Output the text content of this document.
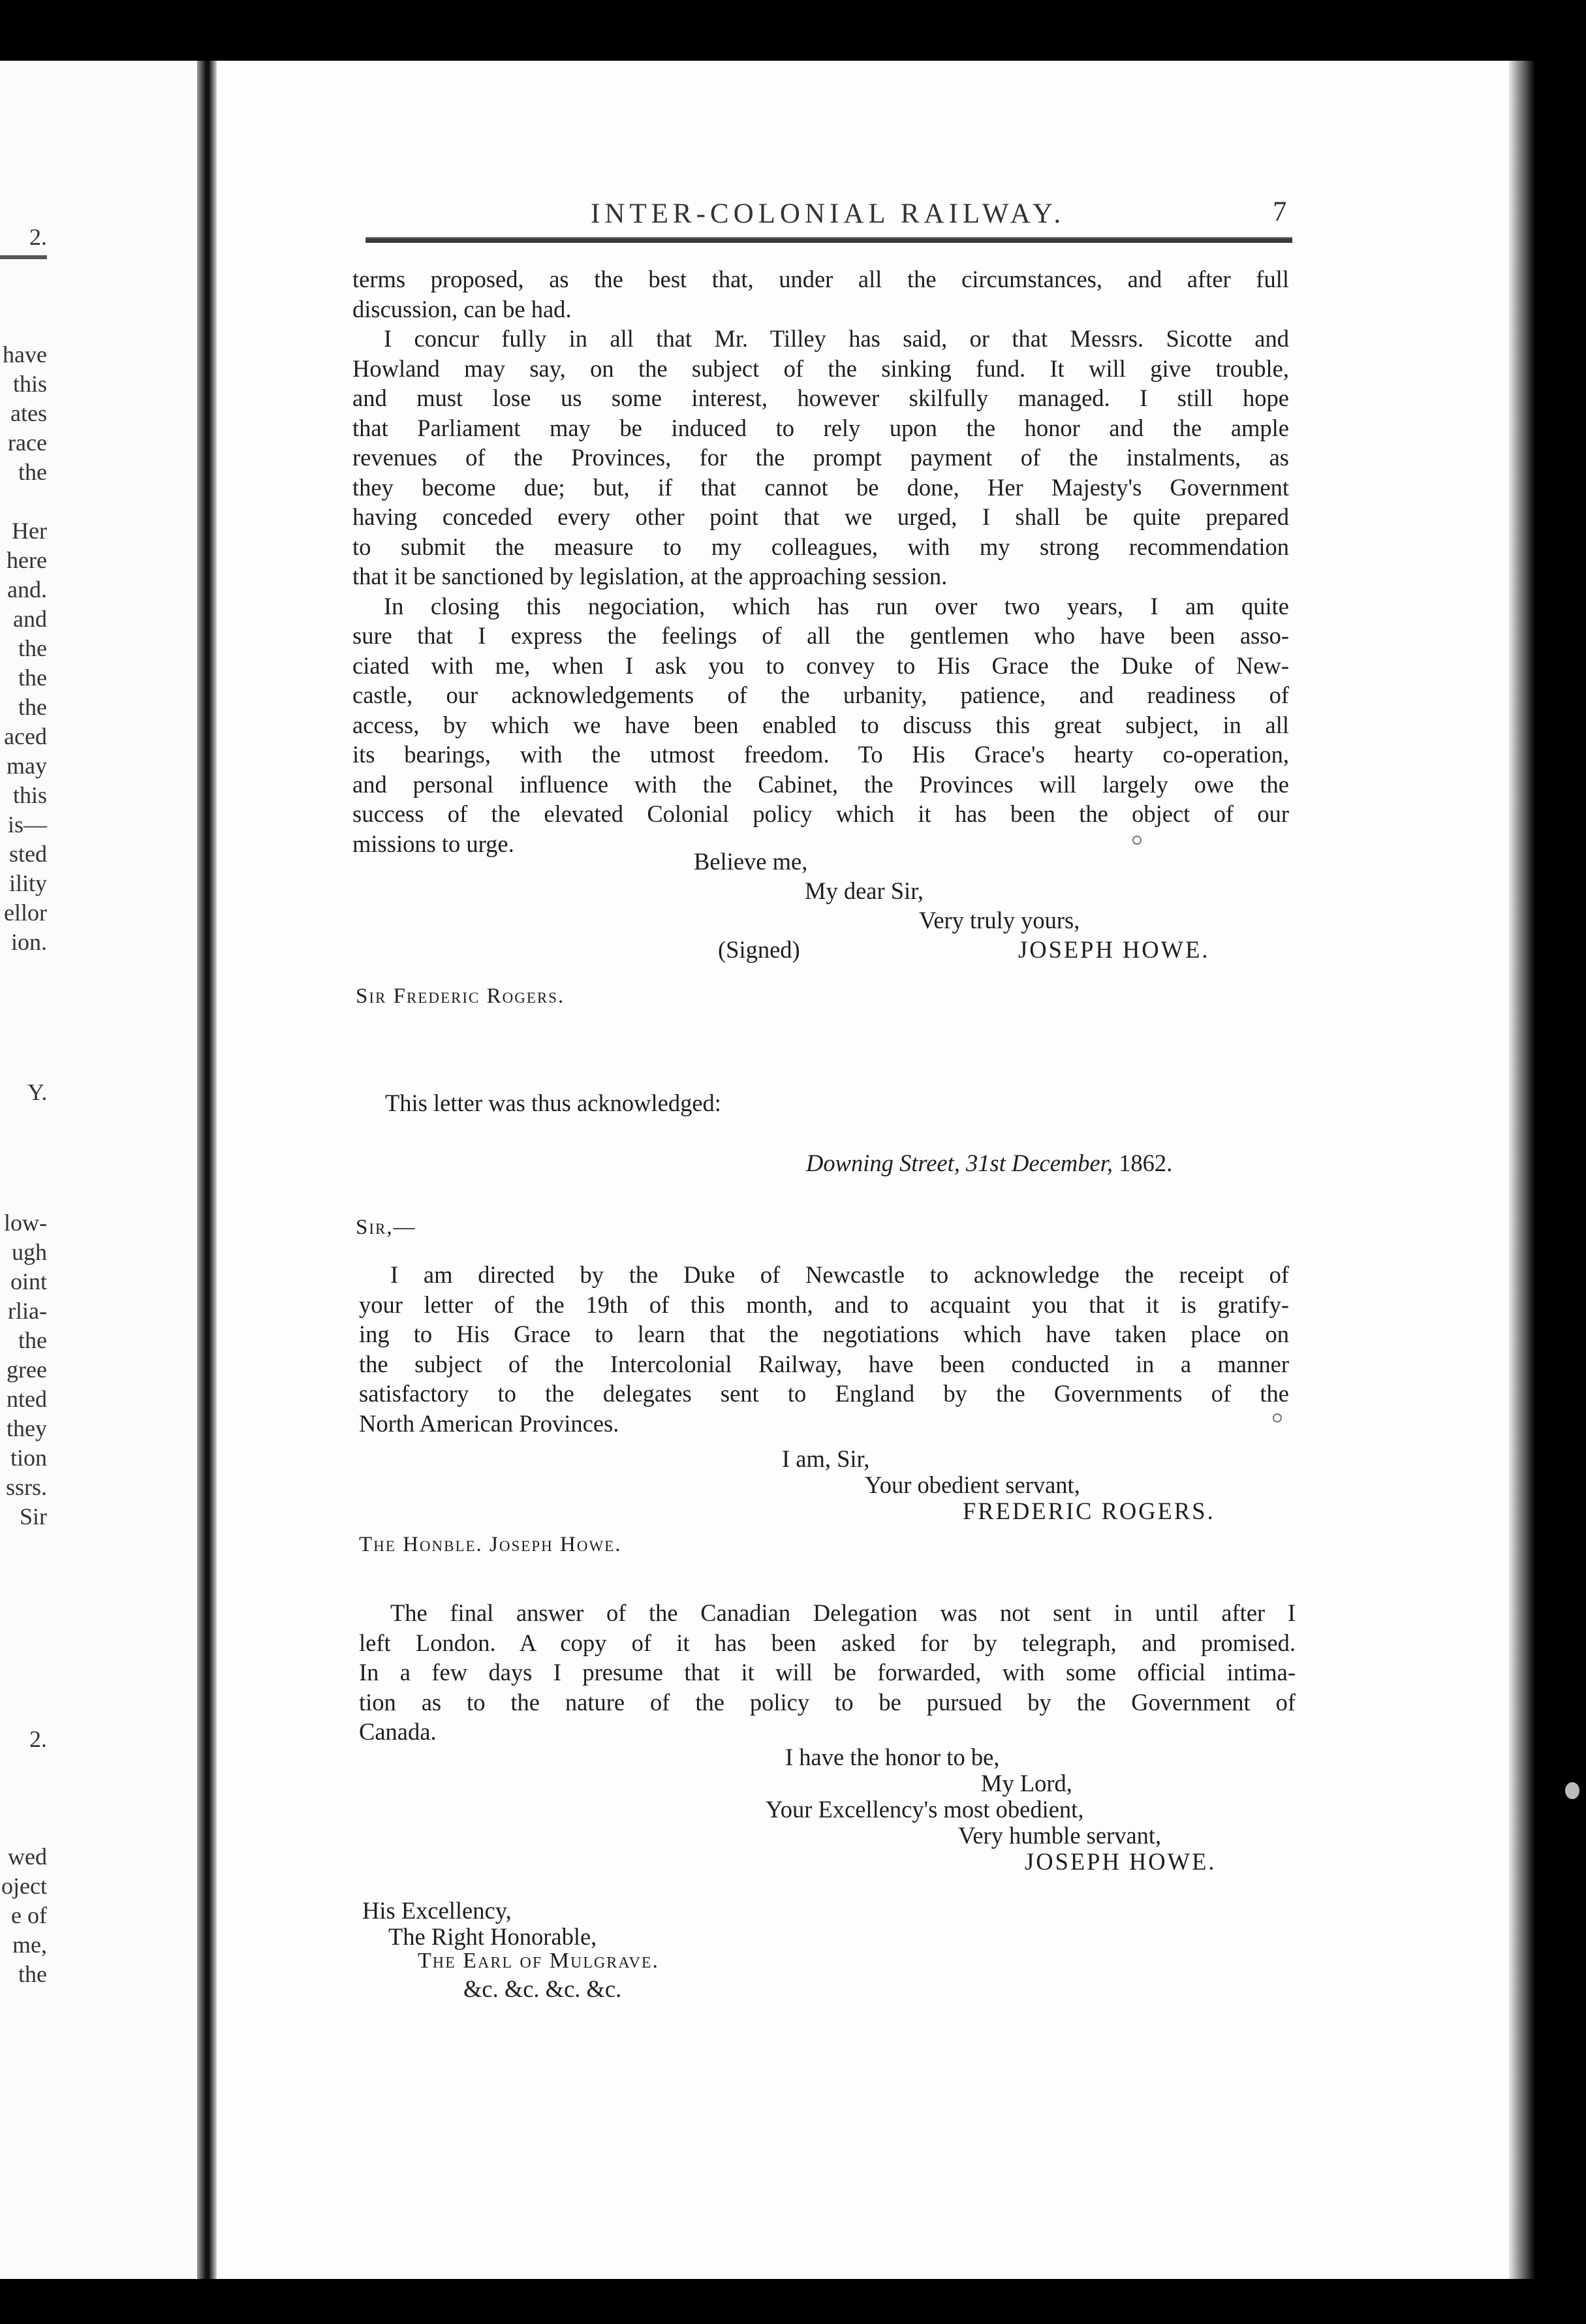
2.
have
this
ates
race
the
Her
here
and.
and
the
the
the
aced
may
this
is—
sted
ility
ellor
ion.
Y.
low-
ugh
oint
rlia-
the
gree
nted
they
tion
ssrs.
Sir
2.
wed
oject
e of
me,
the
INTER-COLONIAL RAILWAY.	7
terms proposed, as the best that, under all the circumstances, and after full
discussion, can be had.
I concur fully in all that Mr. Tilley has said, or that Messrs. Sicotte and
Howland may say, on the subject of the sinking fund. It will give trouble,
and must lose us some interest, however skilfully managed. I still hope
that Parliament may be induced to rely upon the honor and the ample
revenues of the Provinces, for the prompt payment of the instalments, as
they become due; but, if that cannot be done, Her Majesty's Government
having conceded every other point that we urged, I shall be quite prepared
to submit the measure to my colleagues, with my strong recommendation
that it be sanctioned by legislation, at the approaching session.
In closing this negociation, which has run over two years, I am quite
sure that I express the feelings of all the gentlemen who have been asso-
ciated with me, when I ask you to convey to His Grace the Duke of New-
castle, our acknowledgements of the urbanity, patience, and readiness of
access, by which we have been enabled to discuss this great subject, in all
its bearings, with the utmost freedom. To His Grace's hearty co-operation,
and personal influence with the Cabinet, the Provinces will largely owe the
success of the elevated Colonial policy which it has been the object of our
missions to urge.
Believe me,
My dear Sir,
Very truly yours,
(Signed)	JOSEPH HOWE.
Sir Frederic Rogers.
This letter was thus acknowledged:
Downing Street, 31st December, 1862.
Sir,—
I am directed by the Duke of Newcastle to acknowledge the receipt of
your letter of the 19th of this month, and to acquaint you that it is gratify-
ing to His Grace to learn that the negotiations which have taken place on
the subject of the Intercolonial Railway, have been conducted in a manner
satisfactory to the delegates sent to England by the Governments of the
North American Provinces.
I am, Sir,
Your obedient servant,
FREDERIC ROGERS.
The Honble. Joseph Howe.
The final answer of the Canadian Delegation was not sent in until after I
left London. A copy of it has been asked for by telegraph, and promised.
In a few days I presume that it will be forwarded, with some official intima-
tion as to the nature of the policy to be pursued by the Government of
Canada.
I have the honor to be,
My Lord,
Your Excellency's most obedient,
Very humble servant,
JOSEPH HOWE.
His Excellency,
The Right Honorable,
The Earl of Mulgrave.
&c. &c. &c. &c.
